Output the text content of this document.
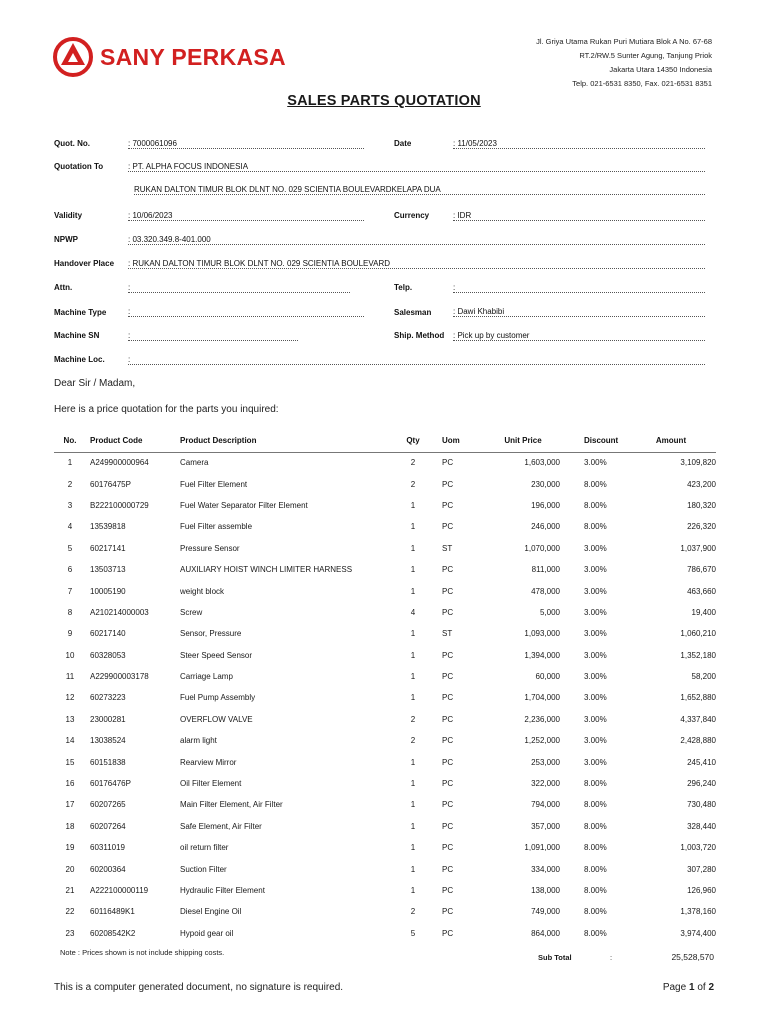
SANY PERKASA
Jl. Griya Utama Rukan Puri Mutiara Blok A No. 67-68
RT.2/RW.5 Sunter Agung, Tanjung Priok
Jakarta Utara 14350 Indonesia
Telp. 021-6531 8350, Fax. 021-6531 8351
SALES PARTS QUOTATION
Quot. No.	: 7000061096	Date	: 11/05/2023
Quotation To	: PT. ALPHA FOCUS INDONESIA
RUKAN DALTON TIMUR BLOK DLNT NO. 029 SCIENTIA BOULEVARDKELAPA DUA
Validity	: 10/06/2023	Currency	: IDR
NPWP	: 03.320.349.8-401.000
Handover Place : RUKAN DALTON TIMUR BLOK DLNT NO. 029 SCIENTIA BOULEVARD
Attn.	:	Telp.	:
Machine Type	:	Salesman	: Dawi Khabibi
Machine SN	:	Ship. Method : Pick up by customer
Machine Loc.	:
Dear Sir / Madam,
Here is a price quotation for the parts you inquired:
No.	Product Code	Product Description	Qty	Uom	Unit Price	Discount	Amount
1	A249900000964	Camera	2	PC	1,603,000	3.00%	3,109,820
2	60176475P	Fuel Filter Element	2	PC	230,000	8.00%	423,200
3	B222100000729	Fuel Water Separator Filter Element	1	PC	196,000	8.00%	180,320
4	13539818	Fuel Filter assemble	1	PC	246,000	8.00%	226,320
5	60217141	Pressure Sensor	1	ST	1,070,000	3.00%	1,037,900
6	13503713	AUXILIARY HOIST WINCH LIMITER HARNESS	1	PC	811,000	3.00%	786,670
7	10005190	weight block	1	PC	478,000	3.00%	463,660
8	A210214000003	Screw	4	PC	5,000	3.00%	19,400
9	60217140	Sensor, Pressure	1	ST	1,093,000	3.00%	1,060,210
10	60328053	Steer Speed Sensor	1	PC	1,394,000	3.00%	1,352,180
11	A229900003178	Carriage Lamp	1	PC	60,000	3.00%	58,200
12	60273223	Fuel Pump Assembly	1	PC	1,704,000	3.00%	1,652,880
13	23000281	OVERFLOW VALVE	2	PC	2,236,000	3.00%	4,337,840
14	13038524	alarm light	2	PC	1,252,000	3.00%	2,428,880
15	60151838	Rearview Mirror	1	PC	253,000	3.00%	245,410
16	60176476P	Oil Filter Element	1	PC	322,000	8.00%	296,240
17	60207265	Main Filter Element, Air Filter	1	PC	794,000	8.00%	730,480
18	60207264	Safe Element, Air Filter	1	PC	357,000	8.00%	328,440
19	60311019	oil return filter	1	PC	1,091,000	8.00%	1,003,720
20	60200364	Suction Filter	1	PC	334,000	8.00%	307,280
21	A222100000119	Hydraulic Filter Element	1	PC	138,000	8.00%	126,960
22	60116489K1	Diesel Engine Oil	2	PC	749,000	8.00%	1,378,160
23	60208542K2	Hypoid gear oil	5	PC	864,000	8.00%	3,974,400
Note : Prices shown is not include shipping costs.
Sub Total	:	25,528,570
This is a computer generated document, no signature is required.	Page 1 of 2
